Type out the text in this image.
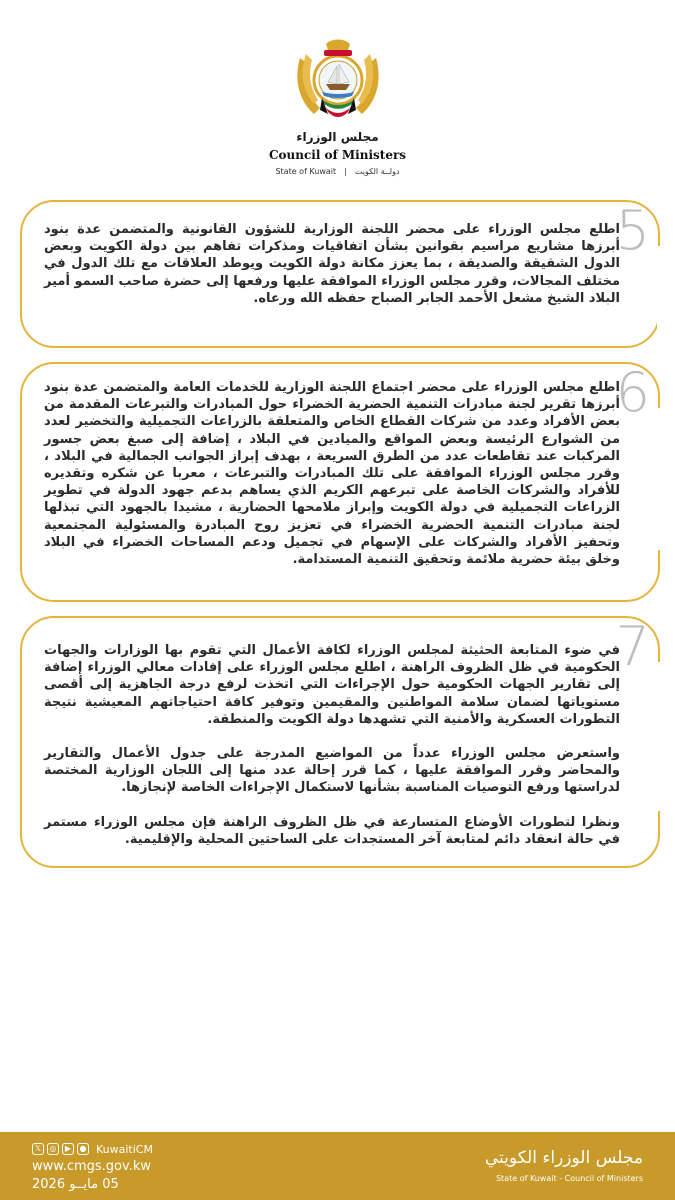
مجلس الوزراء
Council of Ministers
State of Kuwait | دولــة الكويت
5

اطلع مجلس الوزراء على محضر اللجنة الوزارية للشؤون القانونية والمتضمن عدة بنود أبرزها مشاريع مراسيم بقوانين بشأن اتفاقيات ومذكرات تفاهم بين دولة الكويت وبعض الدول الشقيقة والصديقة ، بما يعزز مكانة دولة الكويت ويوطد العلاقات مع تلك الدول في مختلف المجالات، وقرر مجلس الوزراء الموافقة عليها ورفعها إلى حضرة صاحب السمو أمير البلاد الشيخ مشعل الأحمد الجابر الصباح حفظه الله ورعاه.

6

اطلع مجلس الوزراء على محضر اجتماع اللجنة الوزارية للخدمات العامة والمتضمن عدة بنود أبرزها تقرير لجنة مبادرات التنمية الحضرية الخضراء حول المبادرات والتبرعات المقدمة من بعض الأفراد وعدد من شركات القطاع الخاص والمتعلقة بالزراعات التجميلية والتخضير لعدد من الشوارع الرئيسة وبعض المواقع والميادين في البلاد ، إضافة إلى صبغ بعض جسور المركبات عند تقاطعات عدد من الطرق السريعة ، بهدف إبراز الجوانب الجمالية في البلاد ، وقرر مجلس الوزراء الموافقة على تلك المبادرات والتبرعات ، معربا عن شكره وتقديره للأفراد والشركات الخاصة على تبرعهم الكريم الذي يساهم بدعم جهود الدولة في تطوير الزراعات التجميلية في دولة الكويت وإبراز ملامحها الحضارية ، مشيدا بالجهود التي تبذلها لجنة مبادرات التنمية الحضرية الخضراء في تعزيز روح المبادرة والمسئولية المجتمعية وتحفيز الأفراد والشركات على الإسهام في تجميل ودعم المساحات الخضراء في البلاد وخلق بيئة حضرية ملائمة وتحقيق التنمية المستدامة.

7

في ضوء المتابعة الحثيثة لمجلس الوزراء لكافة الأعمال التي تقوم بها الوزارات والجهات الحكومية في ظل الظروف الراهنة ، اطلع مجلس الوزراء على إفادات معالي الوزراء إضافة إلى تقارير الجهات الحكومية حول الإجراءات التي اتخذت لرفع درجة الجاهزية إلى أقصى مستوياتها لضمان سلامة المواطنين والمقيمين وتوفير كافة احتياجاتهم المعيشية نتيجة التطورات العسكرية والأمنية التي تشهدها دولة الكويت والمنطقة.

واستعرض مجلس الوزراء عدداً من المواضيع المدرجة على جدول الأعمال والتقارير والمحاضر وقرر الموافقة عليها ، كما قرر إحالة عدد منها إلى اللجان الوزارية المختصة لدراستها ورفع التوصيات المناسبة بشأنها لاستكمال الإجراءات الخاصة لإنجازها.

ونظرا لتطورات الأوضاع المتسارعة في ظل الظروف الراهنة فإن مجلس الوزراء مستمر في حالة انعقاد دائم لمتابعة آخر المستجدات على الساحتين المحلية والإقليمية.

𝕏	◎	▶	● KuwaitiCM
www.cmgs.gov.kw
05 مايــو 2026
مجلس الوزراء الكويتي
State of Kuwait - Council of Ministers
